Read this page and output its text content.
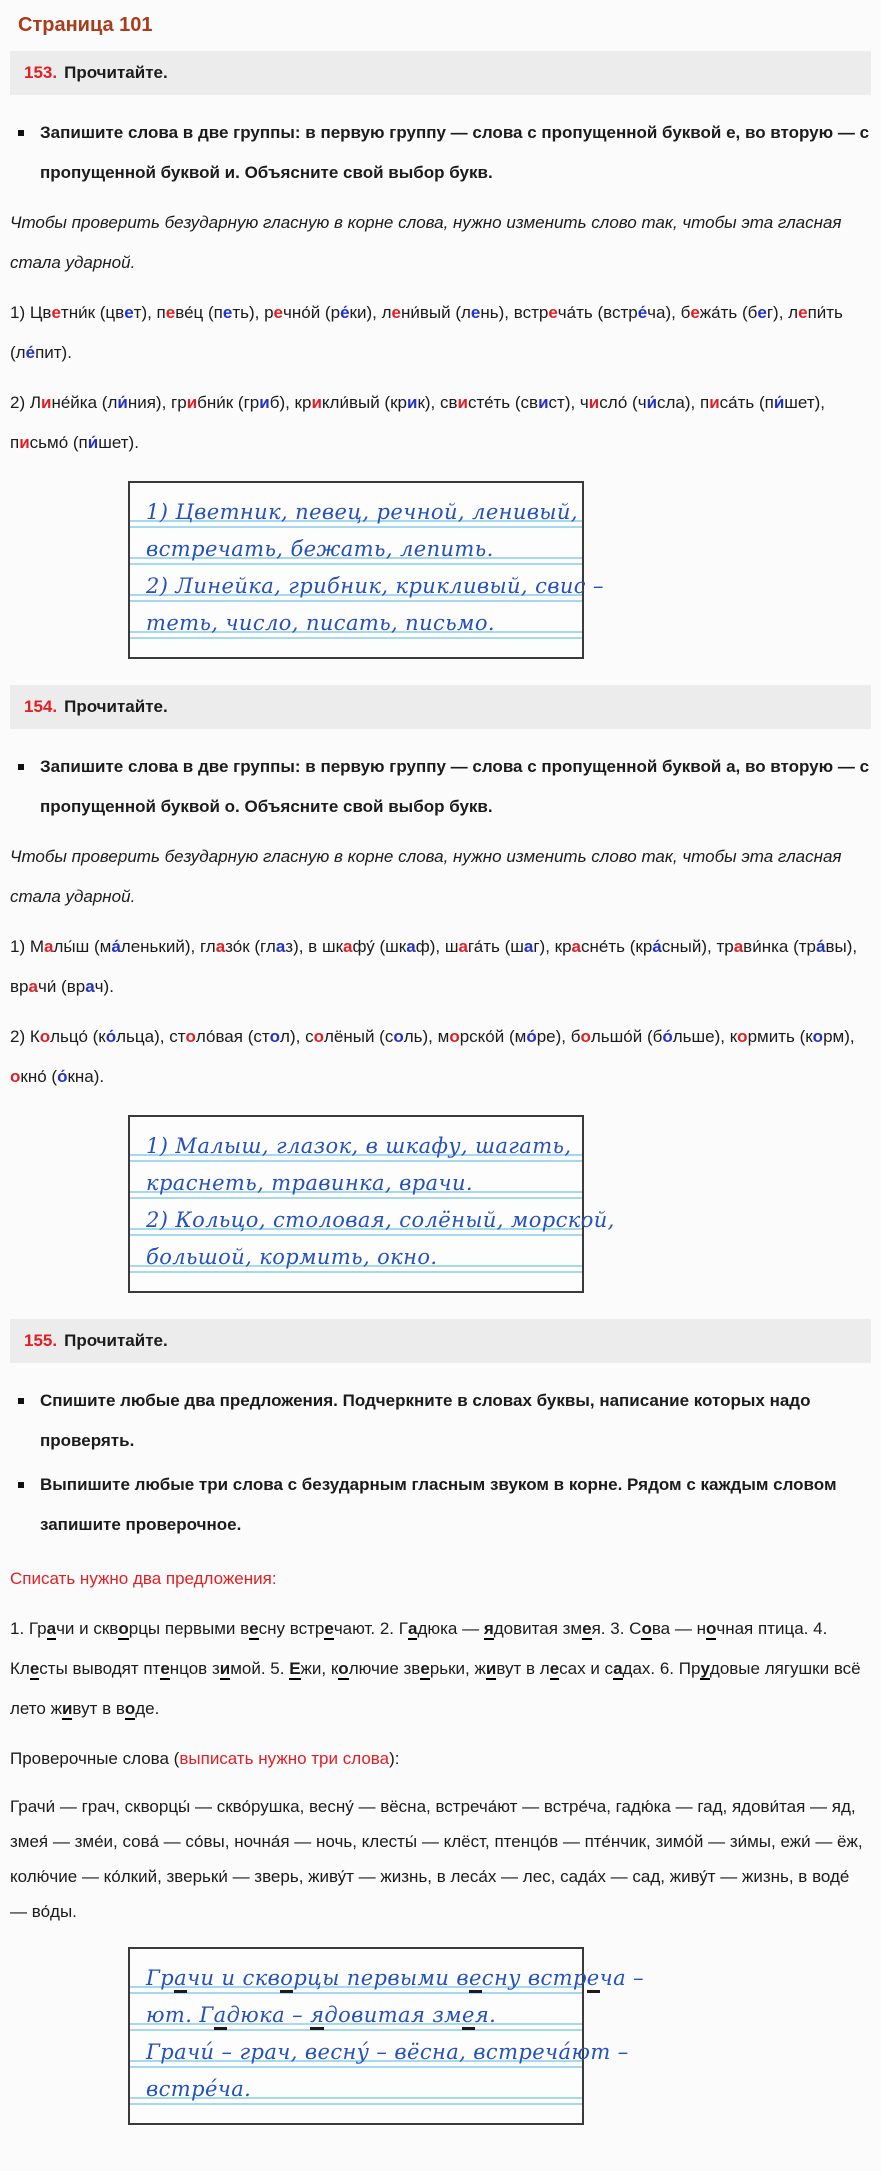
Страница 101
153. Прочитайте.
Запишите слова в две группы: в первую группу — слова с пропущенной буквой е, во вторую — с пропущенной буквой и. Объясните свой выбор букв.

Чтобы проверить безударную гласную в корне слова, нужно изменить слово так, чтобы эта гласная стала ударной.

1) Цветни́к (цвет), певе́ц (петь), речно́й (ре́ки), лени́вый (лень), встреча́ть (встре́ча), бежа́ть (бег), лепи́ть (ле́пит).

2) Лине́йка (ли́ния), грибни́к (гриб), крикли́вый (крик), свисте́ть (свист), число́ (чи́сла), писа́ть (пи́шет), письмо́ (пи́шет).

1) Цветник, певец, речной, ленивый,
встречать, бежать, лепить.
2) Линейка, грибник, крикливый, свис –
теть, число, писать, письмо.
154. Прочитайте.
Запишите слова в две группы: в первую группу — слова с пропущенной буквой а, во вторую — с пропущенной буквой о. Объясните свой выбор букв.

Чтобы проверить безударную гласную в корне слова, нужно изменить слово так, чтобы эта гласная стала ударной.

1) Малы́ш (ма́ленький), глазо́к (глаз), в шкафу́ (шкаф), шага́ть (шаг), красне́ть (кра́сный), трави́нка (тра́вы), врачи́ (врач).

2) Кольцо́ (ко́льца), столо́вая (стол), солёный (соль), морско́й (мо́ре), большо́й (бо́льше), кормить (корм), окно́ (о́кна).

1) Малыш, глазок, в шкафу, шагать,
краснеть, травинка, врачи.
2) Кольцо, столовая, солёный, морской,
большой, кормить, окно.
155. Прочитайте.
Спишите любые два предложения. Подчеркните в словах буквы, написание которых надо проверять.
Выпишите любые три слова с безударным гласным звуком в корне. Рядом с каждым словом запишите проверочное.

Списать нужно два предложения:

1. Грачи и скворцы первыми весну встречают. 2. Гадюка — ядовитая змея. 3. Сова — ночная птица. 4. Клесты выводят птенцов зимой. 5. Ежи, колючие зверьки, живут в лесах и садах. 6. Прудовые лягушки всё лето живут в воде.

Проверочные слова (выписать нужно три слова):

Грачи́ — грач, скворцы́ — скво́рушка, весну́ — вёсна, встреча́ют — встре́ча, гадю́ка — гад, ядови́тая — яд, змея́ — зме́и, сова́ — со́вы, ночна́я — ночь, клесты́ — клёст, птенцо́в — пте́нчик, зимо́й — зи́мы, ежи́ — ёж, колю́чие — ко́лкий, зверьки́ — зверь, живу́т — жизнь, в леса́х — лес, сада́х — сад, живу́т — жизнь, в воде́ — во́ды.

Грачи и скворцы первыми весну встреча –
ют. Гадюка – ядовитая змея.
Грачи́ – грач, весну́ – вёсна, встреча́ют –
встре́ча.
